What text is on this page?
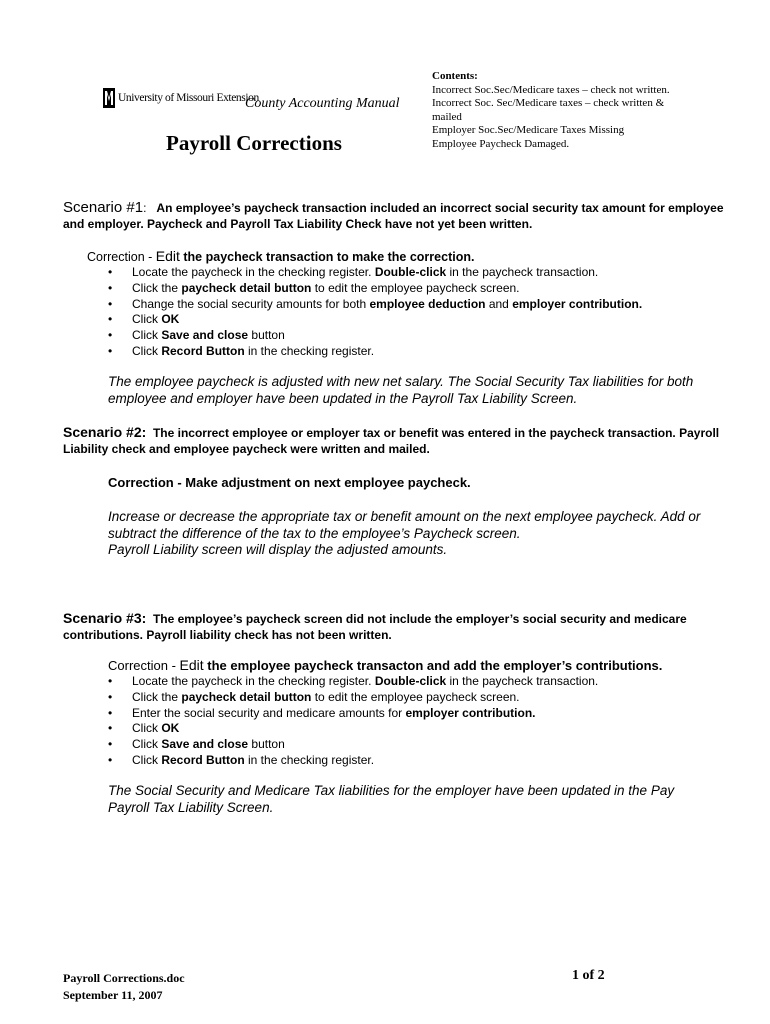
University of Missouri Extension
County Accounting Manual
Payroll Corrections
Contents:
Incorrect Soc.Sec/Medicare taxes – check not written.
Incorrect Soc. Sec/Medicare taxes – check written &
mailed
Employer Soc.Sec/Medicare Taxes Missing
Employee Paycheck Damaged.
Scenario #1: An employee’s paycheck transaction included an incorrect social security tax amount for employee and employer. Paycheck and Payroll Tax Liability Check have not yet been written.
Correction - Edit the paycheck transaction to make the correction.
• Locate the paycheck in the checking register. Double-click in the paycheck transaction.
• Click the paycheck detail button to edit the employee paycheck screen.
• Change the social security amounts for both employee deduction and employer contribution.
• Click OK
• Click Save and close button
• Click Record Button in the checking register.
The employee paycheck is adjusted with new net salary. The Social Security Tax liabilities for both employee and employer have been updated in the Payroll Tax Liability Screen.
Scenario #2: The incorrect employee or employer tax or benefit was entered in the paycheck transaction. Payroll Liability check and employee paycheck were written and mailed.
Correction - Make adjustment on next employee paycheck.
Increase or decrease the appropriate tax or benefit amount on the next employee paycheck. Add or
subtract the difference of the tax to the employee’s Paycheck screen.
Payroll Liability screen will display the adjusted amounts.
Scenario #3: The employee’s paycheck screen did not include the employer’s social security and medicare contributions. Payroll liability check has not been written.
Correction - Edit the employee paycheck transacton and add the employer’s contributions.
• Locate the paycheck in the checking register. Double-click in the paycheck transaction.
• Click the paycheck detail button to edit the employee paycheck screen.
• Enter the social security and medicare amounts for employer contribution.
• Click OK
• Click Save and close button
• Click Record Button in the checking register.
The Social Security and Medicare Tax liabilities for the employer have been updated in the Pay
Payroll Tax Liability Screen.
Payroll Corrections.doc
September 11, 2007
1 of 2
